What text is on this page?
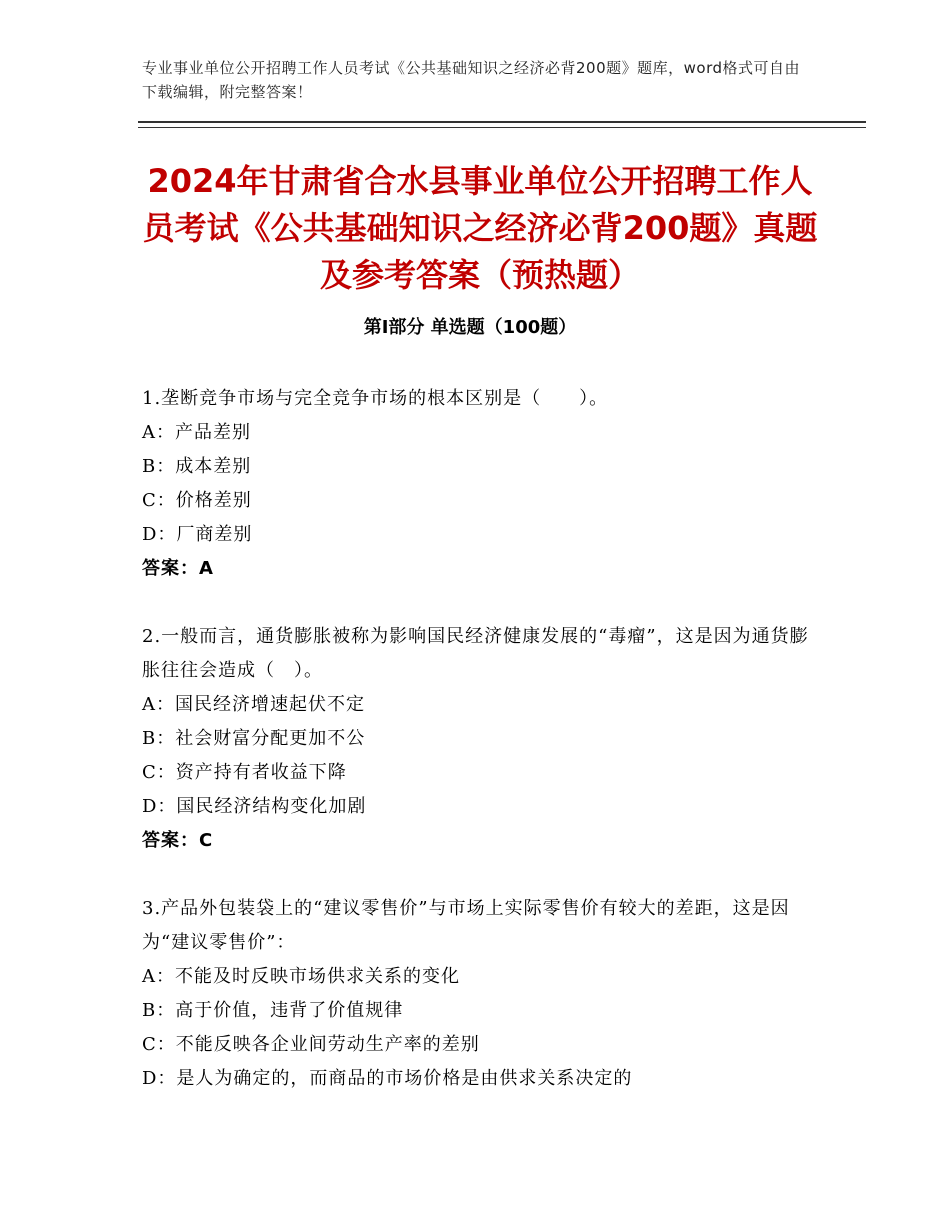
专业事业单位公开招聘工作人员考试《公共基础知识之经济必背200题》题库，word格式可自由下载编辑，附完整答案！
2024年甘肃省合水县事业单位公开招聘工作人员考试《公共基础知识之经济必背200题》真题及参考答案（预热题）
第Ⅰ部分 单选题（100题）

1.垄断竞争市场与完全竞争市场的根本区别是（　　）。

A：产品差别

B：成本差别

C：价格差别

D：厂商差别

答案：A

2.一般而言，通货膨胀被称为影响国民经济健康发展的“毒瘤”，这是因为通货膨胀往往会造成（　）。

A：国民经济增速起伏不定

B：社会财富分配更加不公

C：资产持有者收益下降

D：国民经济结构变化加剧

答案：C

3.产品外包装袋上的“建议零售价”与市场上实际零售价有较大的差距，这是因为“建议零售价”：

A：不能及时反映市场供求关系的变化

B：高于价值，违背了价值规律

C：不能反映各企业间劳动生产率的差别

D：是人为确定的，而商品的市场价格是由供求关系决定的
